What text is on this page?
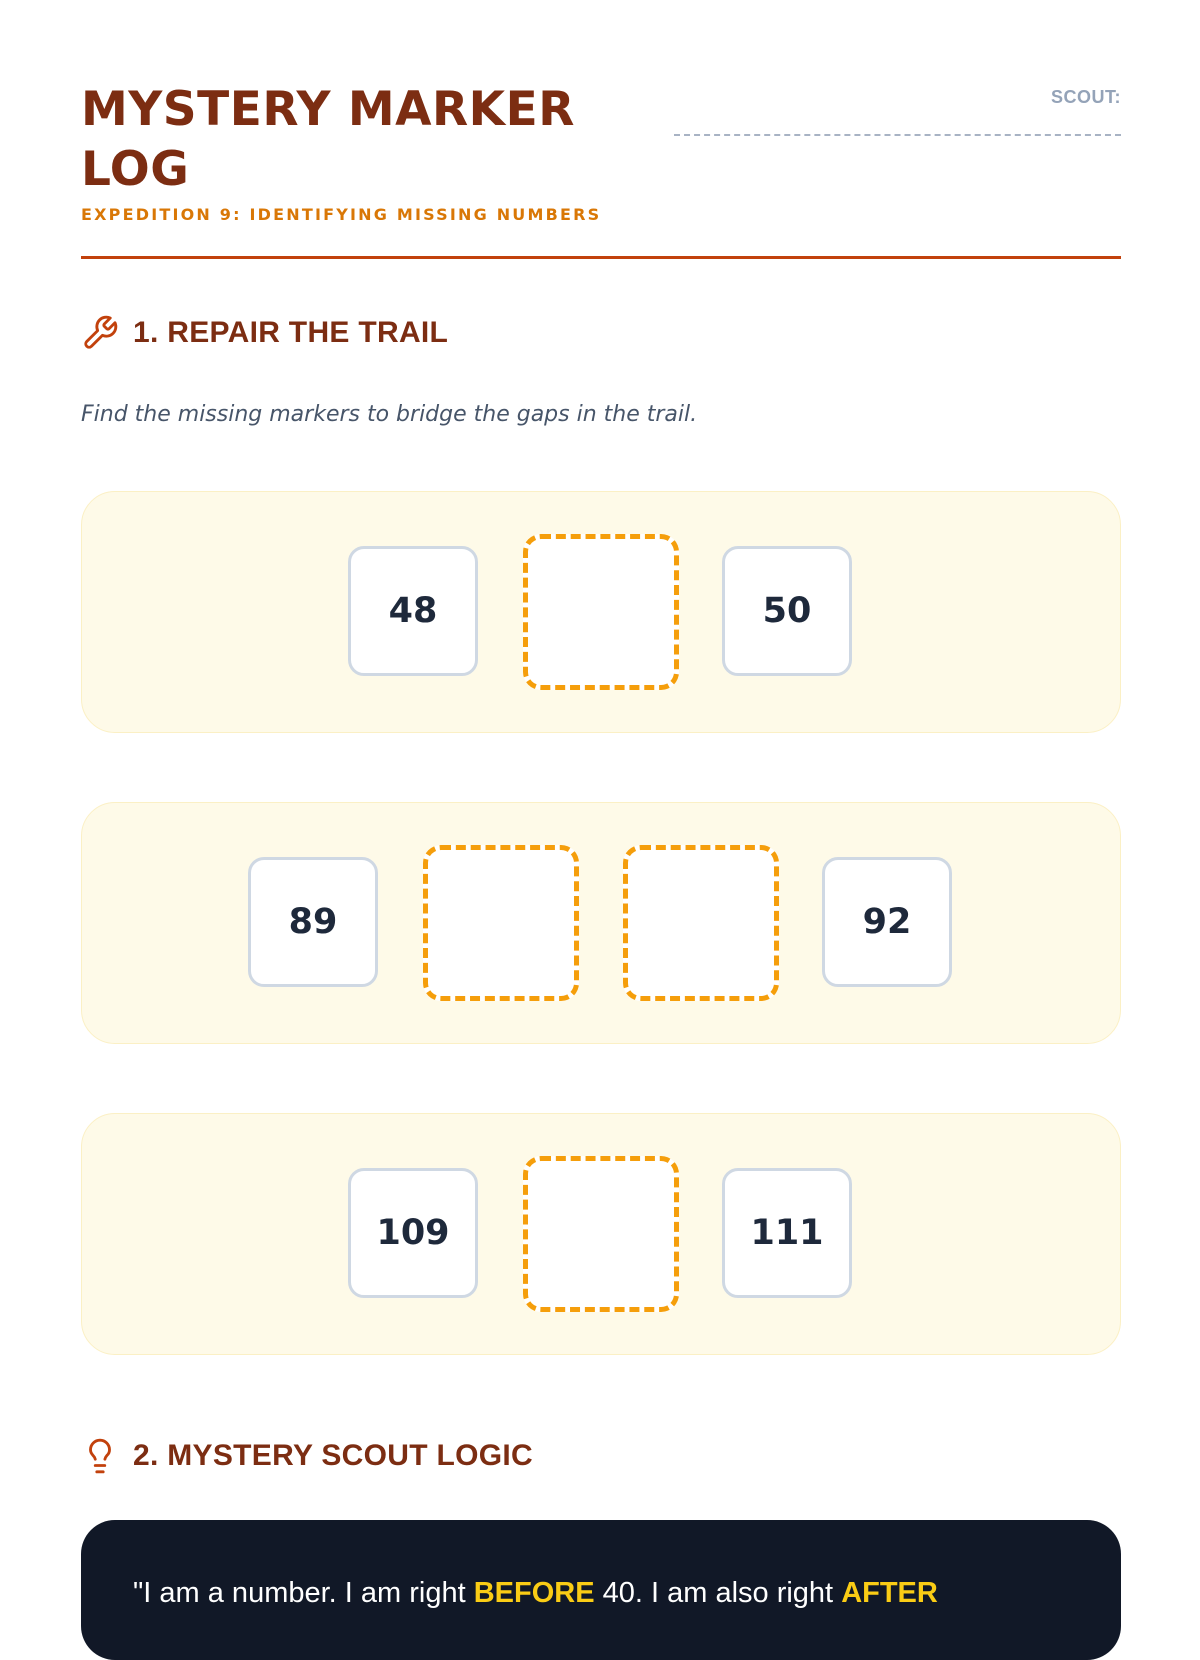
MYSTERY MARKER LOG
EXPEDITION 9: IDENTIFYING MISSING NUMBERS
SCOUT:
1. REPAIR THE TRAIL
Find the missing markers to bridge the gaps in the trail.
48	50
89	92
109	111
2. MYSTERY SCOUT LOGIC
"I am a number. I am right BEFORE 40. I am also right AFTER
